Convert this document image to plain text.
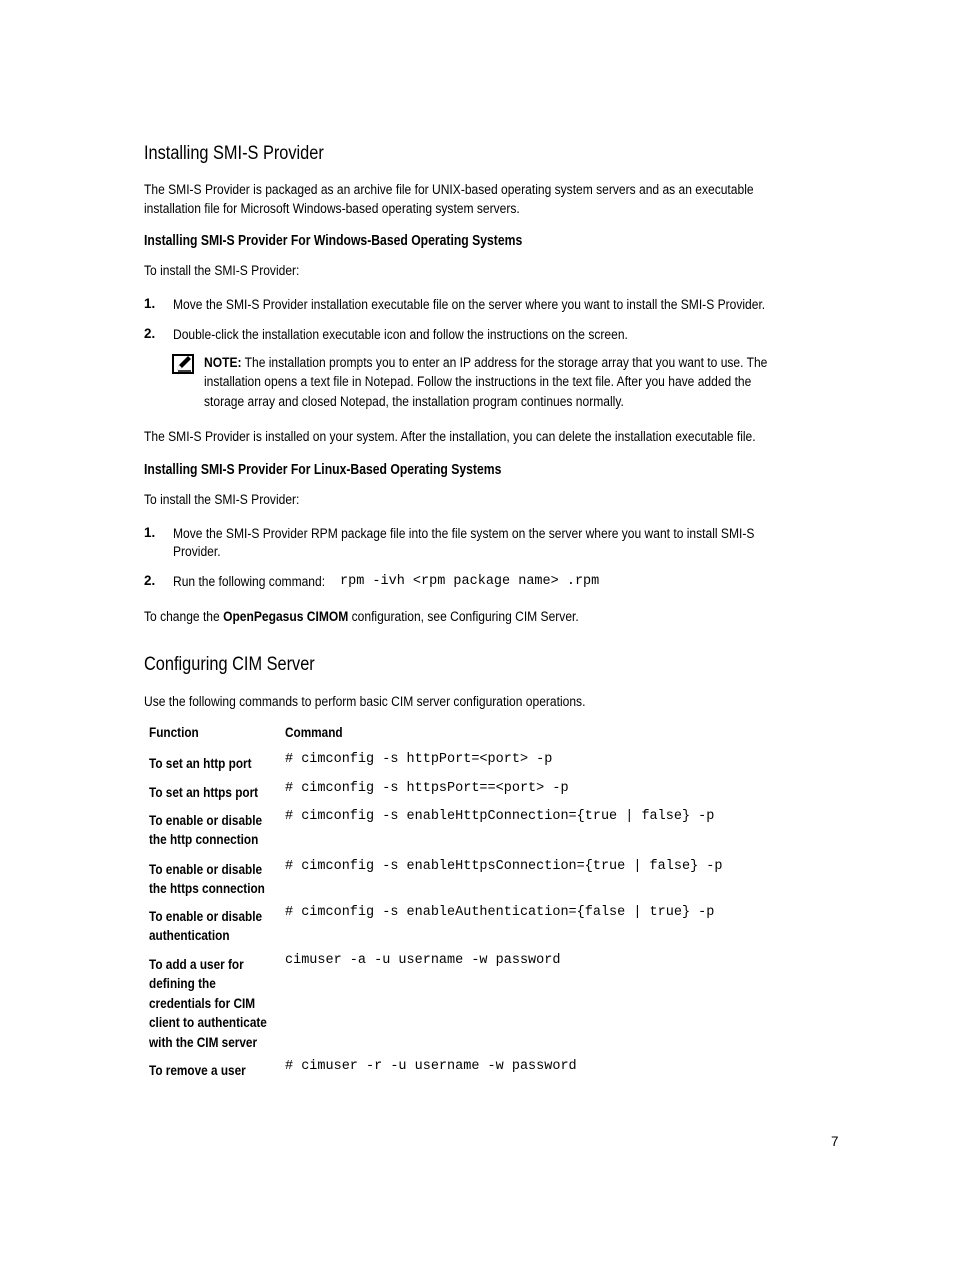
Installing SMI-S Provider
The SMI-S Provider is packaged as an archive file for UNIX-based operating system servers and as an executable
installation file for Microsoft Windows-based operating system servers.
Installing SMI-S Provider For Windows-Based Operating Systems
To install the SMI-S Provider:
1. Move the SMI-S Provider installation executable file on the server where you want to install the SMI-S Provider.
2. Double-click the installation executable icon and follow the instructions on the screen.
NOTE: The installation prompts you to enter an IP address for the storage array that you want to use. The
installation opens a text file in Notepad. Follow the instructions in the text file. After you have added the
storage array and closed Notepad, the installation program continues normally.
The SMI-S Provider is installed on your system. After the installation, you can delete the installation executable file.
Installing SMI-S Provider For Linux-Based Operating Systems
To install the SMI-S Provider:
1. Move the SMI-S Provider RPM package file into the file system on the server where you want to install SMI-S
Provider.
2. Run the following command: rpm -ivh <rpm package name> .rpm
To change the OpenPegasus CIMOM configuration, see Configuring CIM Server.
Configuring CIM Server
Use the following commands to perform basic CIM server configuration operations.
Function	Command
To set an http port # cimconfig -s httpPort=<port> -p
To set an https port # cimconfig -s httpsPort==<port> -p
To enable or disable
the http connection
# cimconfig -s enableHttpConnection={true | false} -p
To enable or disable
the https connection
# cimconfig -s enableHttpsConnection={true | false} -p
To enable or disable
authentication
# cimconfig -s enableAuthentication={false | true} -p
To add a user for
defining the
credentials for CIM
client to authenticate
with the CIM server
cimuser -a -u username -w password
To remove a user	# cimuser -r -u username -w password
7
